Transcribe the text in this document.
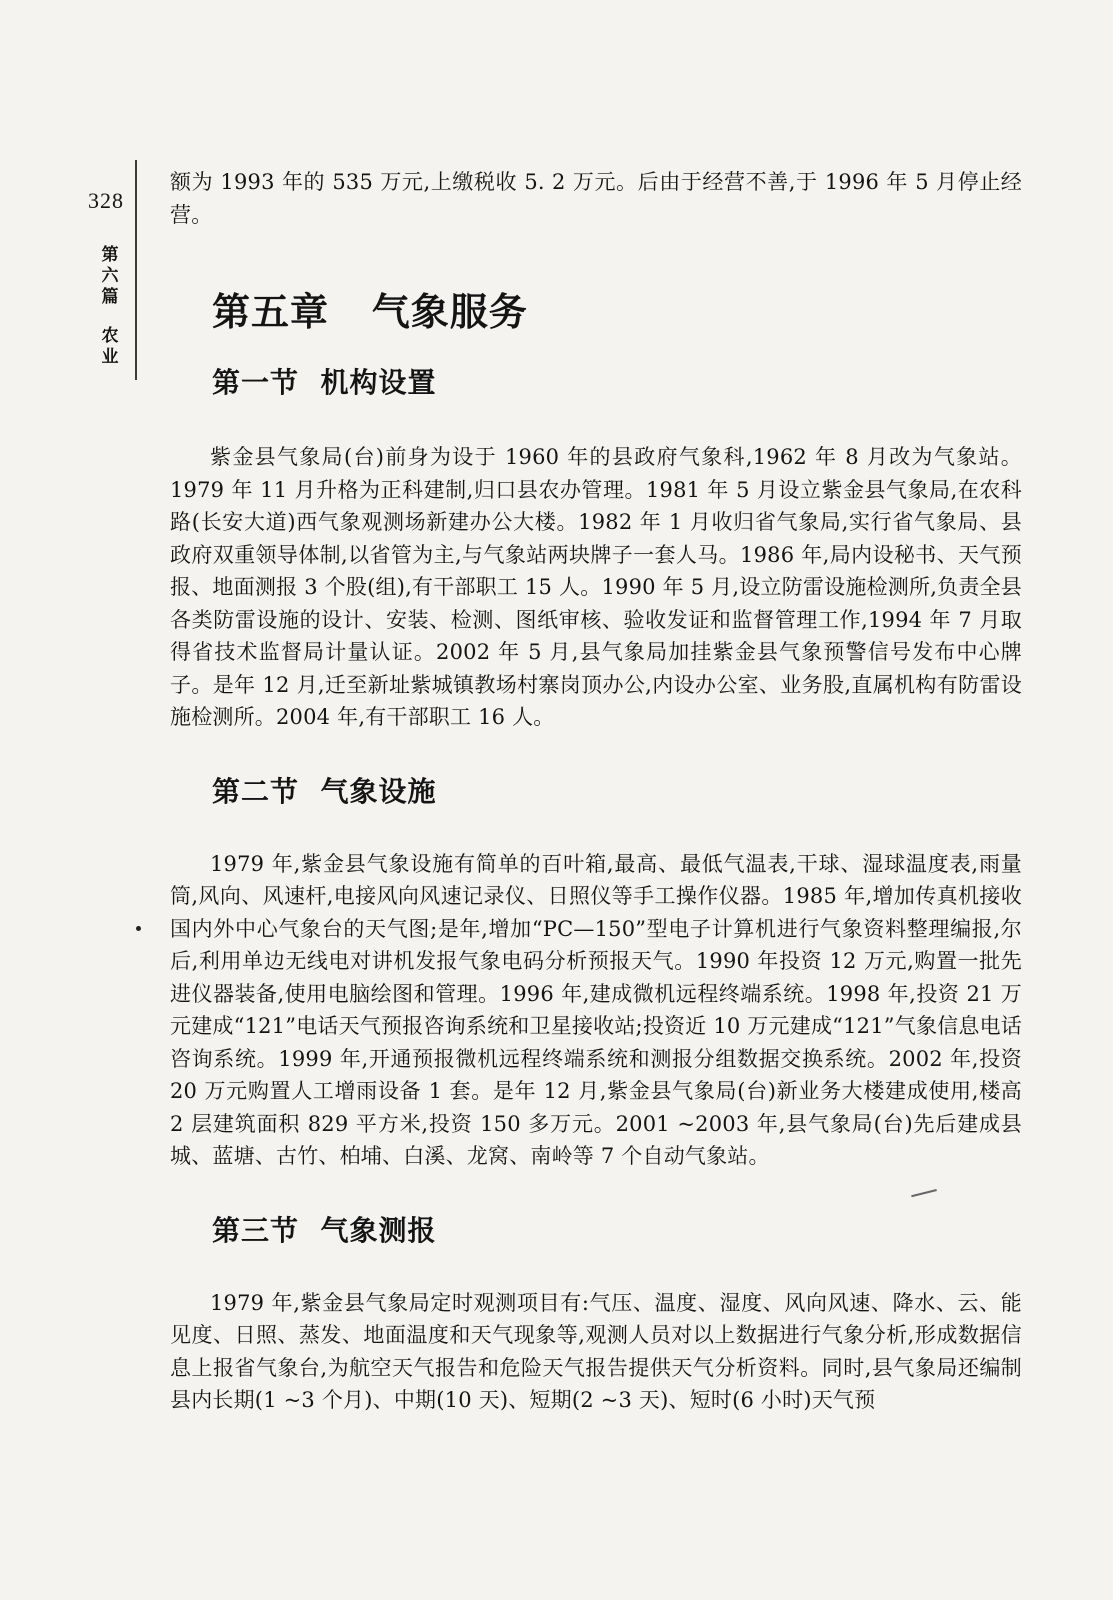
328
第
六
篇
农
业

额为 1993 年的 535 万元,上缴税收 5. 2 万元。后由于经营不善,于 1996 年 5 月停止经营。

第五章 气象服务
第一节 机构设置

紫金县气象局(台)前身为设于 1960 年的县政府气象科,1962 年 8 月改为气象站。1979 年 11 月升格为正科建制,归口县农办管理。1981 年 5 月设立紫金县气象局,在农科路(长安大道)西气象观测场新建办公大楼。1982 年 1 月收归省气象局,实行省气象局、县政府双重领导体制,以省管为主,与气象站两块牌子一套人马。1986 年,局内设秘书、天气预报、地面测报 3 个股(组),有干部职工 15 人。1990 年 5 月,设立防雷设施检测所,负责全县各类防雷设施的设计、安装、检测、图纸审核、验收发证和监督管理工作,1994 年 7 月取得省技术监督局计量认证。2002 年 5 月,县气象局加挂紫金县气象预警信号发布中心牌子。是年 12 月,迁至新址紫城镇教场村寨岗顶办公,内设办公室、业务股,直属机构有防雷设施检测所。2004 年,有干部职工 16 人。

第二节 气象设施

1979 年,紫金县气象设施有简单的百叶箱,最高、最低气温表,干球、湿球温度表,雨量筒,风向、风速杆,电接风向风速记录仪、日照仪等手工操作仪器。1985 年,增加传真机接收国内外中心气象台的天气图;是年,增加“PC—150”型电子计算机进行气象资料整理编报,尔后,利用单边无线电对讲机发报气象电码分析预报天气。1990 年投资 12 万元,购置一批先进仪器装备,使用电脑绘图和管理。1996 年,建成微机远程终端系统。1998 年,投资 21 万元建成“121”电话天气预报咨询系统和卫星接收站;投资近 10 万元建成“121”气象信息电话咨询系统。1999 年,开通预报微机远程终端系统和测报分组数据交换系统。2002 年,投资 20 万元购置人工增雨设备 1 套。是年 12 月,紫金县气象局(台)新业务大楼建成使用,楼高 2 层建筑面积 829 平方米,投资 150 多万元。2001 ~2003 年,县气象局(台)先后建成县城、蓝塘、古竹、柏埔、白溪、龙窝、南岭等 7 个自动气象站。

第三节 气象测报

1979 年,紫金县气象局定时观测项目有:气压、温度、湿度、风向风速、降水、云、能见度、日照、蒸发、地面温度和天气现象等,观测人员对以上数据进行气象分析,形成数据信息上报省气象台,为航空天气报告和危险天气报告提供天气分析资料。同时,县气象局还编制县内长期(1 ~3 个月)、中期(10 天)、短期(2 ~3 天)、短时(6 小时)天气预
